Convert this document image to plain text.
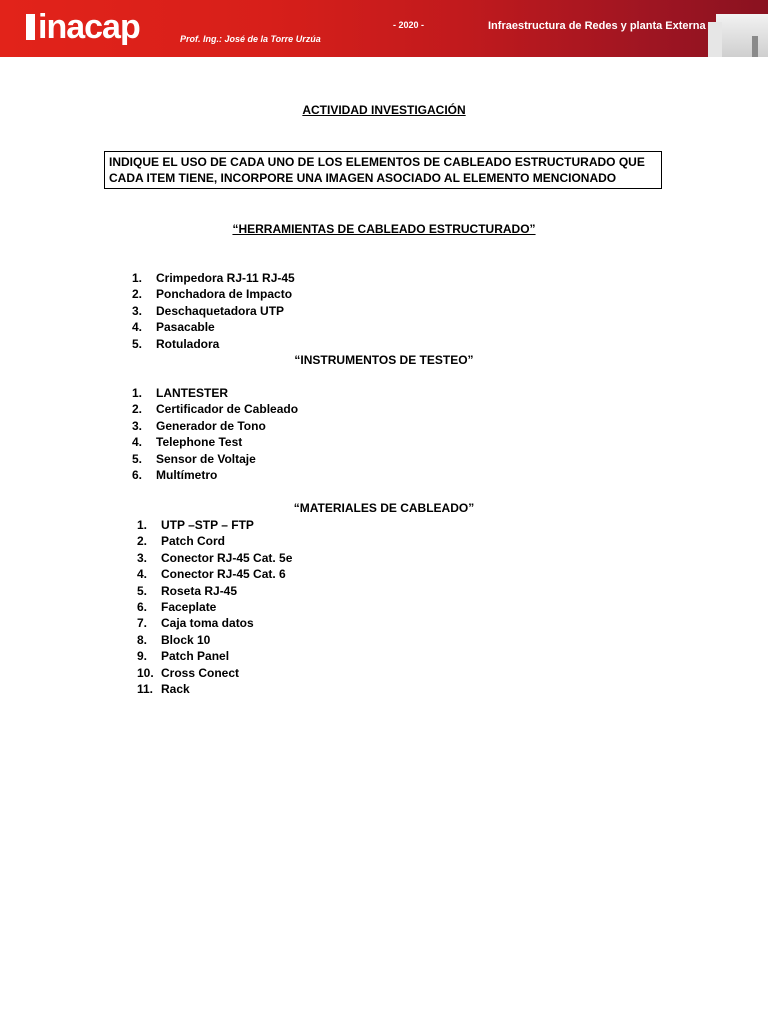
inacap	Prof. Ing.: José de la Torre Urzúa
- 2020 -	Infraestructura de Redes y planta Externa
ACTIVIDAD INVESTIGACIÓN
INDIQUE EL USO DE CADA UNO DE LOS ELEMENTOS DE CABLEADO ESTRUCTURADO QUE CADA ITEM TIENE, INCORPORE UNA IMAGEN ASOCIADO AL ELEMENTO MENCIONADO
“HERRAMIENTAS DE CABLEADO ESTRUCTURADO”
1. Crimpedora RJ-11 RJ-45
2. Ponchadora de Impacto
3. Deschaquetadora UTP
4. Pasacable
5. Rotuladora
“INSTRUMENTOS DE TESTEO”
1. LANTESTER
2. Certificador de Cableado
3. Generador de Tono
4. Telephone Test
5. Sensor de Voltaje
6. Multímetro
“MATERIALES DE CABLEADO”
1. UTP –STP – FTP
2. Patch Cord
3. Conector RJ-45 Cat. 5e
4. Conector RJ-45 Cat. 6
5. Roseta RJ-45
6. Faceplate
7. Caja toma datos
8. Block 10
9. Patch Panel
10. Cross Conect
11. Rack
